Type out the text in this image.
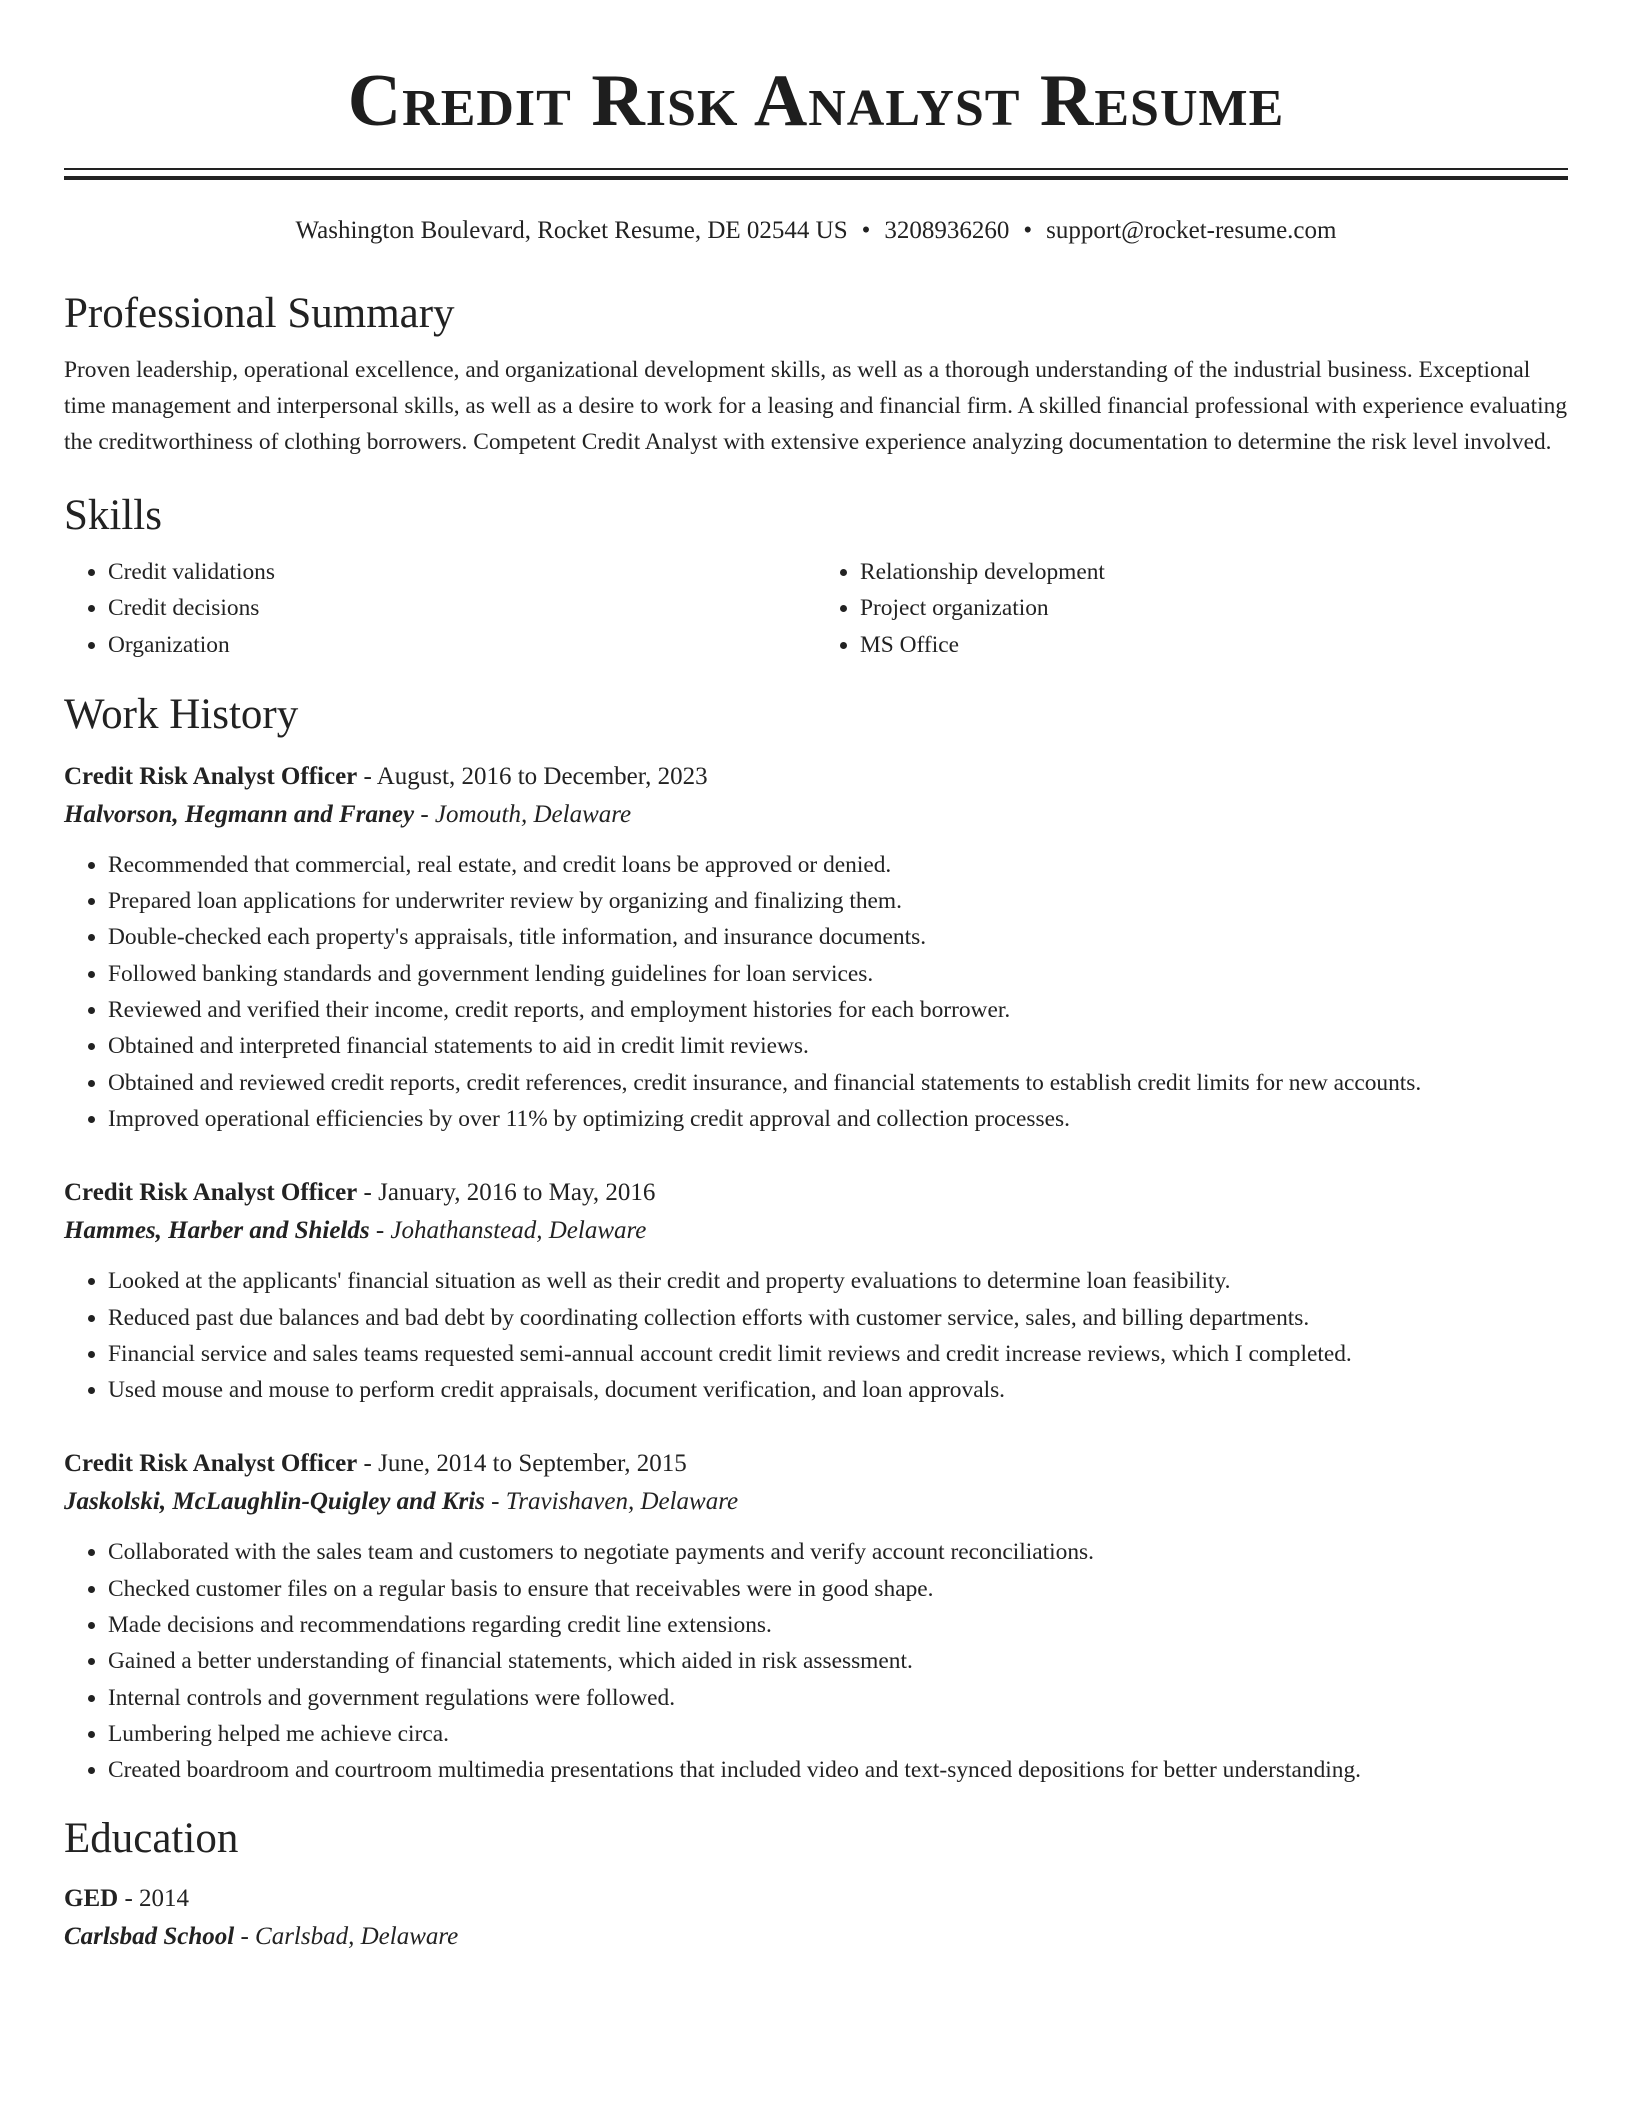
Credit Risk Analyst Resume
Washington Boulevard, Rocket Resume, DE 02544 US • 3208936260 • support@rocket-resume.com
Professional Summary

Proven leadership, operational excellence, and organizational development skills, as well as a thorough understanding of the industrial business. Exceptional time management and interpersonal skills, as well as a desire to work for a leasing and financial firm. A skilled financial professional with experience evaluating the creditworthiness of clothing borrowers. Competent Credit Analyst with extensive experience analyzing documentation to determine the risk level involved.

Skills
• Credit validations
• Credit decisions
• Organization
• Relationship development
• Project organization
• MS Office
Work History
Credit Risk Analyst Officer - August, 2016 to December, 2023
Halvorson, Hegmann and Franey - Jomouth, Delaware
• Recommended that commercial, real estate, and credit loans be approved or denied.
• Prepared loan applications for underwriter review by organizing and finalizing them.
• Double-checked each property's appraisals, title information, and insurance documents.
• Followed banking standards and government lending guidelines for loan services.
• Reviewed and verified their income, credit reports, and employment histories for each borrower.
• Obtained and interpreted financial statements to aid in credit limit reviews.
• Obtained and reviewed credit reports, credit references, credit insurance, and financial statements to establish credit limits for new accounts.
• Improved operational efficiencies by over 11% by optimizing credit approval and collection processes.
Credit Risk Analyst Officer - January, 2016 to May, 2016
Hammes, Harber and Shields - Johathanstead, Delaware
• Looked at the applicants' financial situation as well as their credit and property evaluations to determine loan feasibility.
• Reduced past due balances and bad debt by coordinating collection efforts with customer service, sales, and billing departments.
• Financial service and sales teams requested semi-annual account credit limit reviews and credit increase reviews, which I completed.
• Used mouse and mouse to perform credit appraisals, document verification, and loan approvals.
Credit Risk Analyst Officer - June, 2014 to September, 2015
Jaskolski, McLaughlin-Quigley and Kris - Travishaven, Delaware
• Collaborated with the sales team and customers to negotiate payments and verify account reconciliations.
• Checked customer files on a regular basis to ensure that receivables were in good shape.
• Made decisions and recommendations regarding credit line extensions.
• Gained a better understanding of financial statements, which aided in risk assessment.
• Internal controls and government regulations were followed.
• Lumbering helped me achieve circa.
• Created boardroom and courtroom multimedia presentations that included video and text-synced depositions for better understanding.
Education
GED - 2014
Carlsbad School - Carlsbad, Delaware
